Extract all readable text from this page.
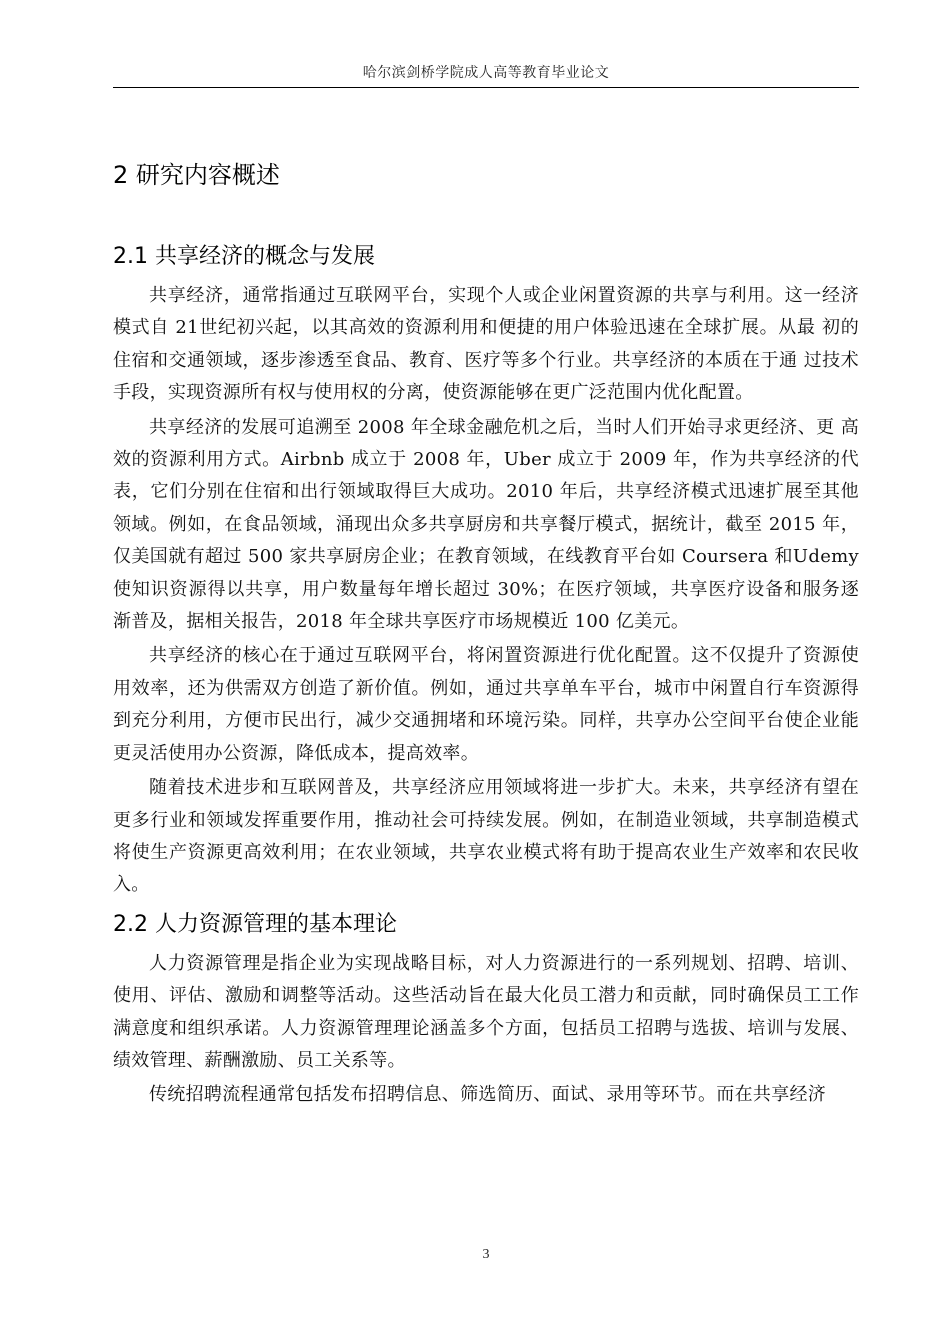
哈尔滨剑桥学院成人高等教育毕业论文
2 研究内容概述
2.1 共享经济的概念与发展

共享经济，通常指通过互联网平台，实现个人或企业闲置资源的共享与利用。这一经济模式自 21世纪初兴起，以其高效的资源利用和便捷的用户体验迅速在全球扩展。从最 初的住宿和交通领域，逐步渗透至食品、教育、医疗等多个行业。共享经济的本质在于通 过技术手段，实现资源所有权与使用权的分离，使资源能够在更广泛范围内优化配置。

共享经济的发展可追溯至 2008 年全球金融危机之后，当时人们开始寻求更经济、更 高效的资源利用方式。Airbnb 成立于 2008 年，Uber 成立于 2009 年，作为共享经济的代 表，它们分别在住宿和出行领域取得巨大成功。2010 年后，共享经济模式迅速扩展至其他 领域。例如，在食品领域，涌现出众多共享厨房和共享餐厅模式，据统计，截至 2015 年， 仅美国就有超过 500 家共享厨房企业；在教育领域，在线教育平台如 Coursera 和Udemy 使知识资源得以共享，用户数量每年增长超过 30%；在医疗领域，共享医疗设备和服务逐 渐普及，据相关报告，2018 年全球共享医疗市场规模近 100 亿美元。

共享经济的核心在于通过互联网平台，将闲置资源进行优化配置。这不仅提升了资源使用效率，还为供需双方创造了新价值。例如，通过共享单车平台，城市中闲置自行车资源得到充分利用，方便市民出行，减少交通拥堵和环境污染。同样，共享办公空间平台使企业能更灵活使用办公资源，降低成本，提高效率。

随着技术进步和互联网普及，共享经济应用领域将进一步扩大。未来，共享经济有望在更多行业和领域发挥重要作用，推动社会可持续发展。例如，在制造业领域，共享制造模式将使生产资源更高效利用；在农业领域，共享农业模式将有助于提高农业生产效率和农民收入。

2.2 人力资源管理的基本理论

人力资源管理是指企业为实现战略目标，对人力资源进行的一系列规划、招聘、培训、使用、评估、激励和调整等活动。这些活动旨在最大化员工潜力和贡献，同时确保员工工作满意度和组织承诺。人力资源管理理论涵盖多个方面，包括员工招聘与选拔、培训与发展、绩效管理、薪酬激励、员工关系等。

传统招聘流程通常包括发布招聘信息、筛选简历、面试、录用等环节。而在共享经济

3
